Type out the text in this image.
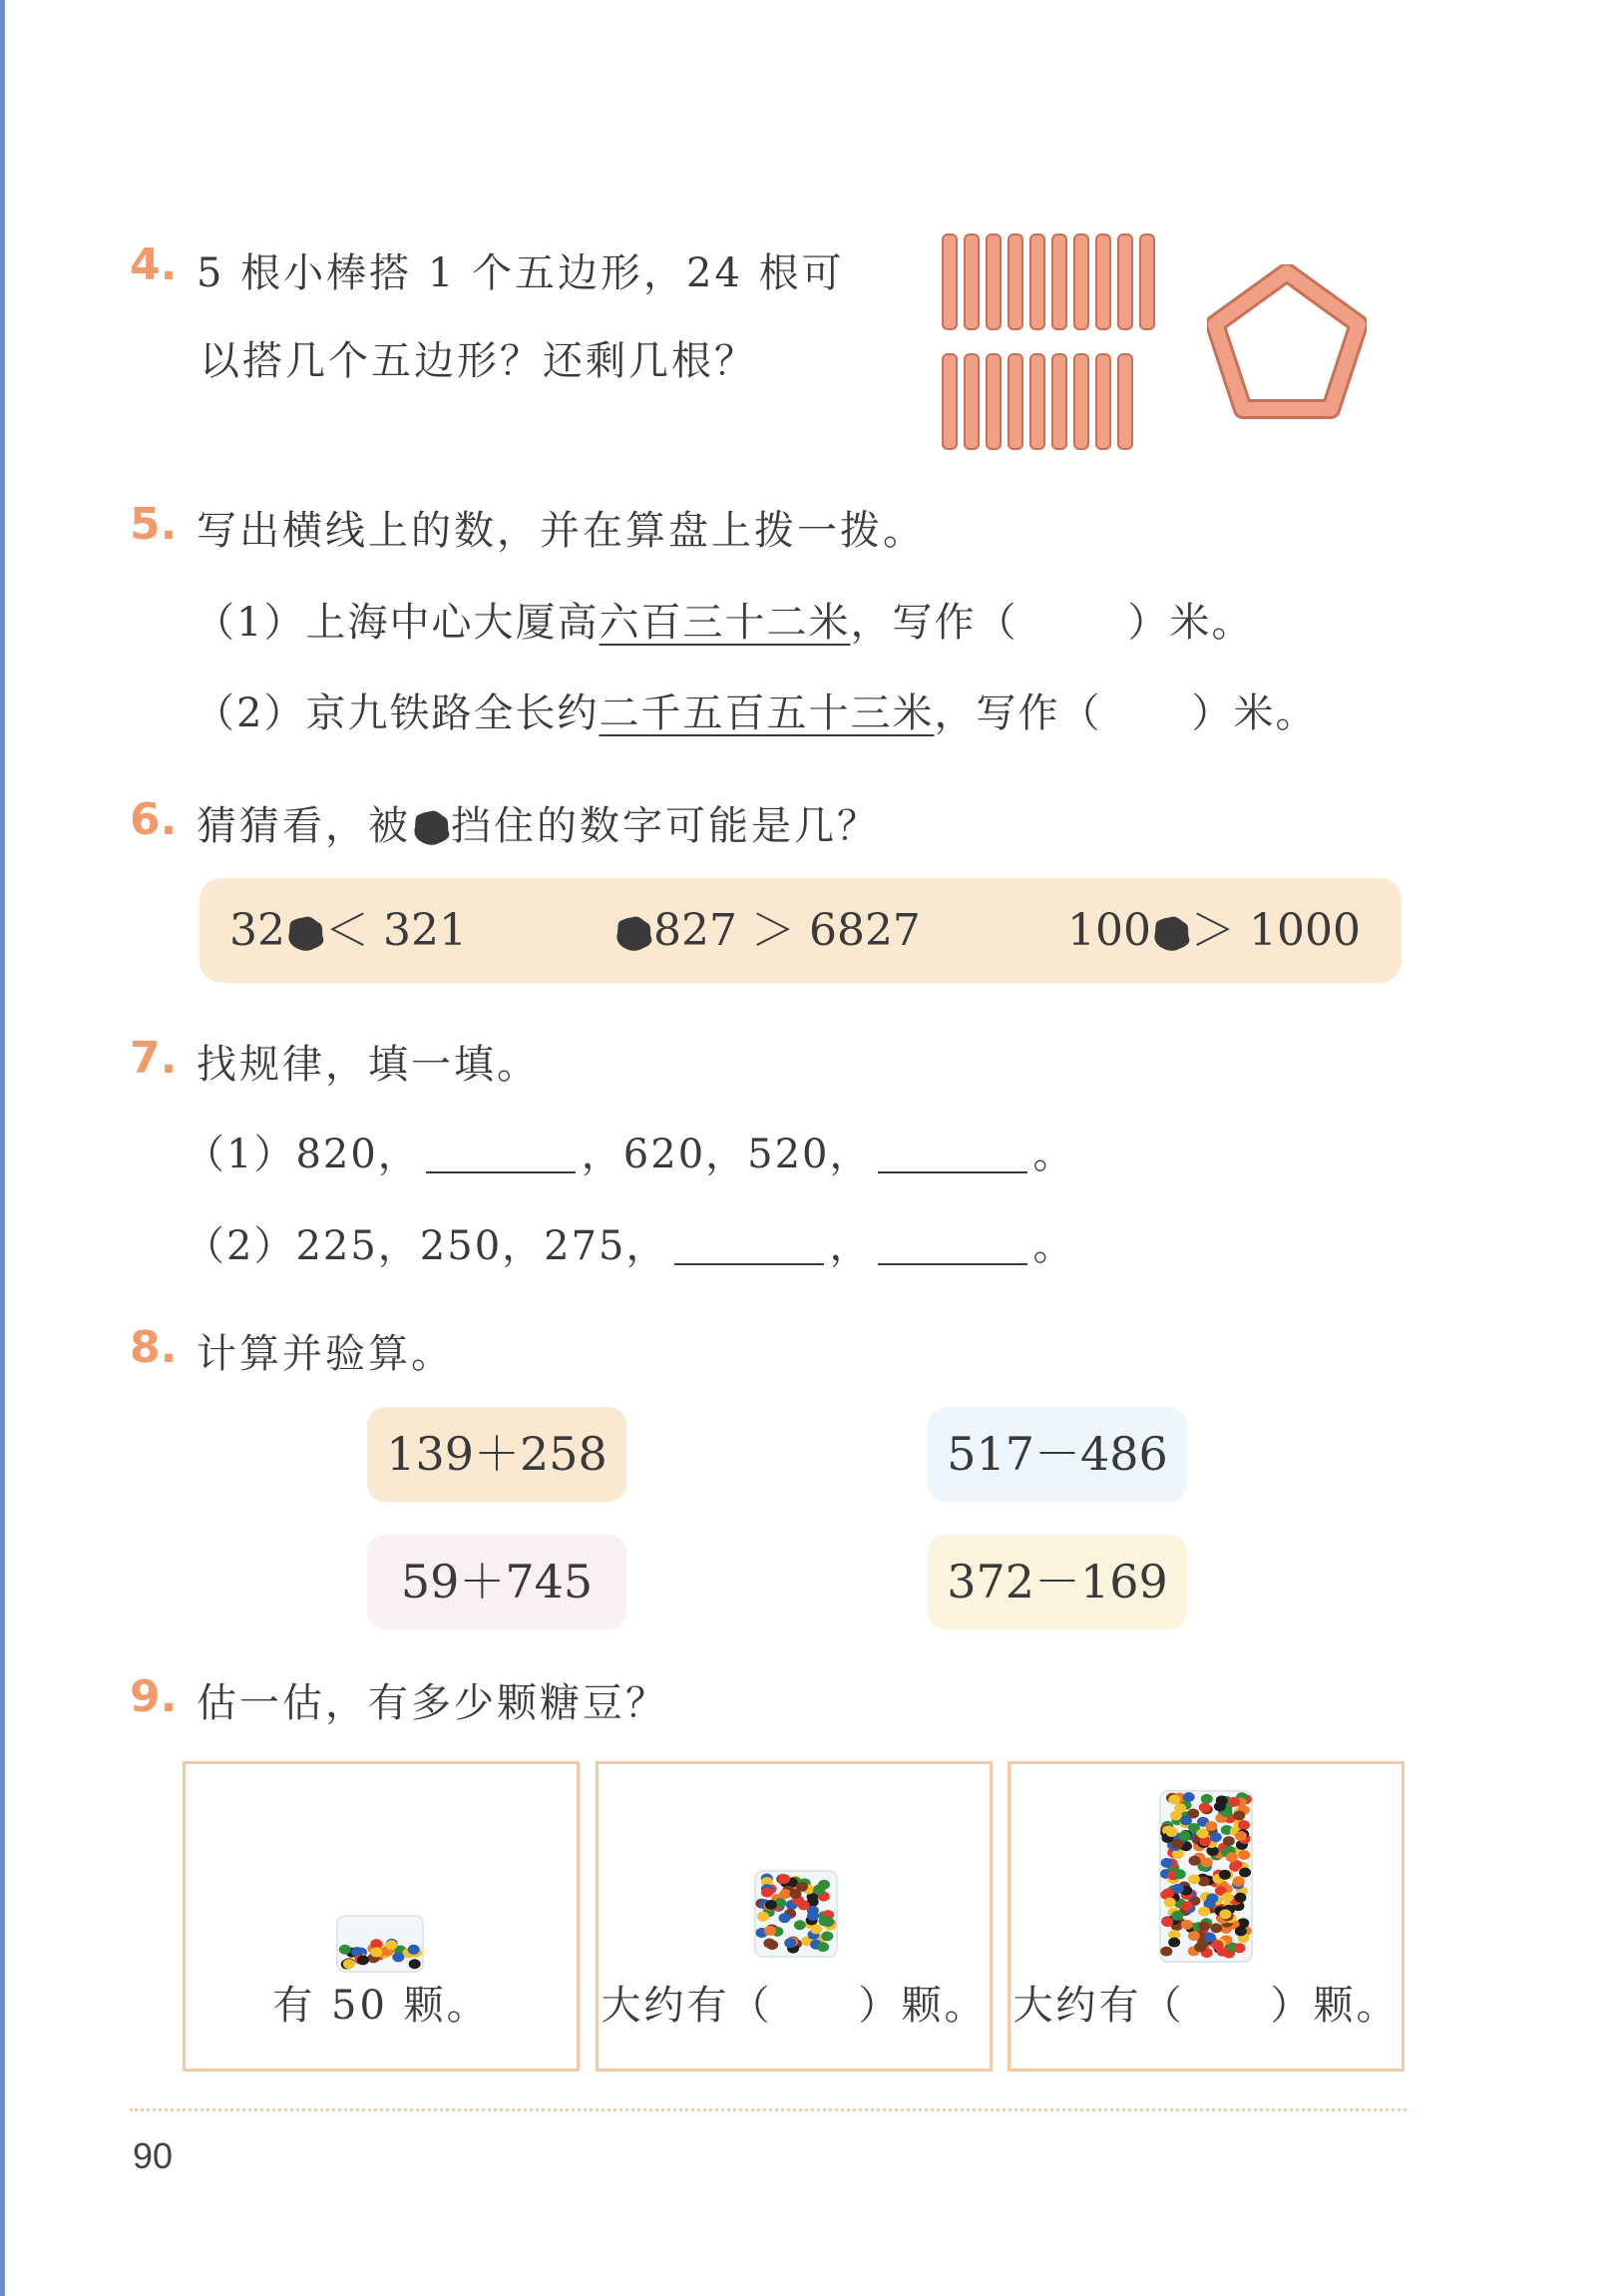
4. 5 根小棒搭 1 个五边形，24 根可
以搭几个五边形？还剩几根？
5. 写出横线上的数，并在算盘上拨一拨。
（1）上海中心大厦高六百三十二米，写作（	）米。
（2）京九铁路全长约二千五百五十三米，写作（ ）米。
6. 猜猜看，被 挡住的数字可能是几？
32 ＜ 321	827 ＞ 6827	100 ＞ 1000
7. 找规律，填一填。
（1）820，	，620，520，	。
（2）225，250，275，	，	。
8. 计算并验算。
139＋258	517－486
59＋745	372－169
9. 估一估，有多少颗糖豆？
有 50 颗。	大约有（　　）颗。 大约有（　　）颗。
90
